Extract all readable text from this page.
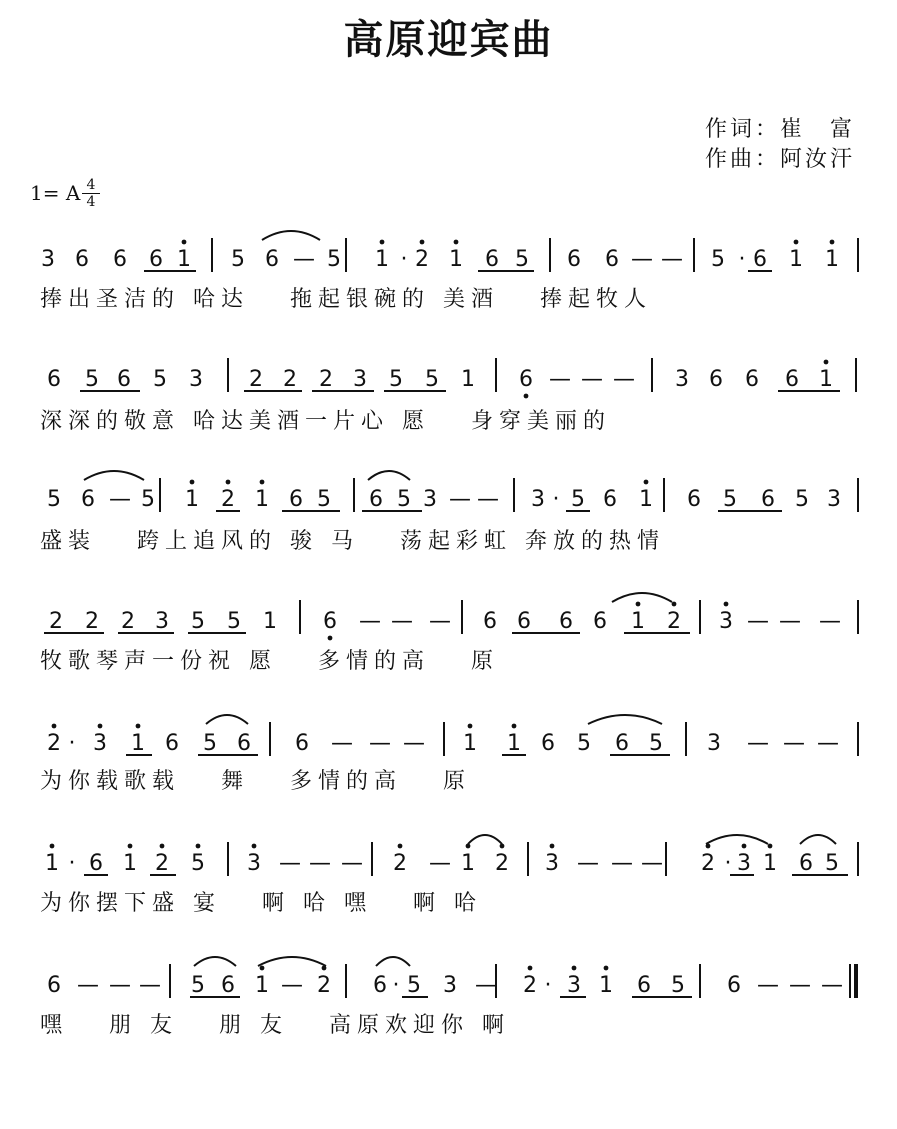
高原迎宾曲
作词：崔　富
作曲：阿汝汗
1= A 4
4
3 6 6 6 1 5 6 — 5 1 · 2 1 6 5 6 6 — — 5 · 6 1 1
捧出圣洁的 哈达　 拖起银碗的 美酒　 捧起牧人
6 5 6 5 3 2 2 2 3 5 5 1 6 — — — 3 6 6 6 1
深深的敬意 哈达美酒一片心 愿　 身穿美丽的
5 6 — 5 1 2 1 6 5 6 5 3 — — 3 · 5 6 1 6 5 6 5 3
盛装　 跨上追风的 骏 马　 荡起彩虹 奔放的热情
2 2 2 3 5 5 1 6 — — — 6 6 6 6 1 2 3 — — —
牧歌琴声一份祝 愿　 多情的高　 原
2 · 3 1 6 5 6 6 — — — 1 1 6 5 6 5 3 — — —
为你载歌载　 舞　 多情的高　 原
1 · 6 1 2 5 3 — — — 2 — 1 2 3 — — — 2 · 3 1 6 5
为你摆下盛 宴　 啊 哈 嘿　 啊 哈
6 — — — 5 6 1 — 2 6 · 5 3 — 2 · 3 1 6 5 6 — — —
嘿　 朋 友　 朋 友　 高原欢迎你 啊
